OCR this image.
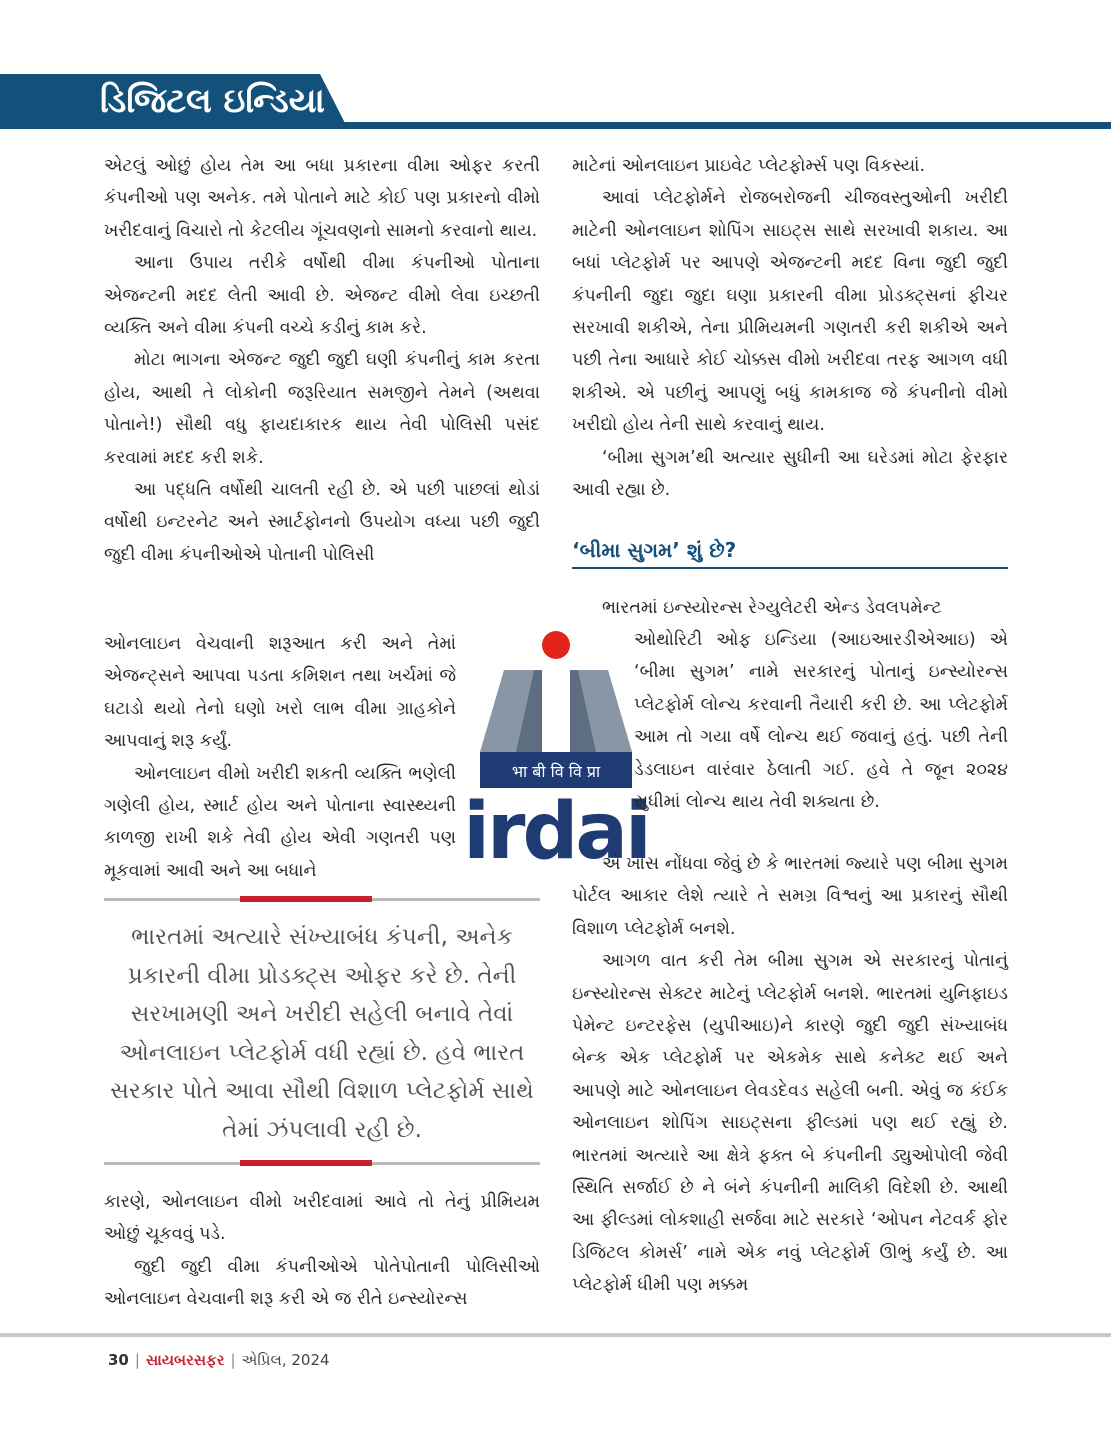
ડિજિટલ ઇન્ડિયા

એટલું ઓછું હોય તેમ આ બધા પ્રકારના વીમા ઓફર કરતી કંપનીઓ પણ અનેક. તમે પોતાને માટે કોઈ પણ પ્રકારનો વીમો ખરીદવાનું વિચારો તો કેટલીય ગૂંચવણનો સામનો કરવાનો થાય.

આના ઉપાય તરીકે વર્ષોથી વીમા કંપનીઓ પોતાના એજન્ટની મદદ લેતી આવી છે. એજન્ટ વીમો લેવા ઇચ્છતી વ્યક્તિ અને વીમા કંપની વચ્ચે કડીનું કામ કરે.

મોટા ભાગના એજન્ટ જુદી જુદી ઘણી કંપનીનું કામ કરતા હોય, આથી તે લોકોની જરૂરિયાત સમજીને તેમને (અથવા પોતાને!) સૌથી વધુ ફાયદાકારક થાય તેવી પોલિસી પસંદ કરવામાં મદદ કરી શકે.

આ પદ્ધતિ વર્ષોથી ચાલતી રહી છે. એ પછી પાછલાં થોડાં વર્ષોથી ઇન્ટરનેટ અને સ્માર્ટફોનનો ઉપયોગ વધ્યા પછી જુદી જુદી વીમા કંપનીઓએ પોતાની પોલિસી

ઓનલાઇન વેચવાની શરૂઆત કરી અને તેમાં એજન્ટ્સને આપવા પડતા કમિશન તથા ખર્ચમાં જે ઘટાડો થયો તેનો ઘણો ખરો લાભ વીમા ગ્રાહકોને આપવાનું શરૂ કર્યું.

ઓનલાઇન વીમો ખરીદી શકતી વ્યક્તિ ભણેલી ગણેલી હોય, સ્માર્ટ હોય અને પોતાના સ્વાસ્થ્યની કાળજી રાખી શકે તેવી હોય એવી ગણતરી પણ મૂકવામાં આવી અને આ બધાને

भा बी वि वि प्रा
irdai
ભારતમાં અત્યારે સંખ્યાબંધ કંપની, અનેક પ્રકારની વીમા પ્રોડક્ટ્સ ઓફર કરે છે. તેની સરખામણી અને ખરીદી સહેલી બનાવે તેવાં ઓનલાઇન પ્લેટફોર્મ વધી રહ્યાં છે. હવે ભારત સરકાર પોતે આવા સૌથી વિશાળ પ્લેટફોર્મ સાથે તેમાં ઝંપલાવી રહી છે.

કારણે, ઓનલાઇન વીમો ખરીદવામાં આવે તો તેનું પ્રીમિયમ ઓછું ચૂકવવું પડે.

જુદી જુદી વીમા કંપનીઓએ પોતેપોતાની પોલિસીઓ ઓનલાઇન વેચવાની શરૂ કરી એ જ રીતે ઇન્સ્યોરન્સ

માટેનાં ઓનલાઇન પ્રાઇવેટ પ્લેટફોર્મ્સ પણ વિકસ્યાં.

આવાં પ્લેટફોર્મને રોજબરોજની ચીજવસ્તુઓની ખરીદી માટેની ઓનલાઇન શોપિંગ સાઇટ્સ સાથે સરખાવી શકાય. આ બધાં પ્લેટફોર્મ પર આપણે એજન્ટની મદદ વિના જુદી જુદી કંપનીની જુદા જુદા ઘણા પ્રકારની વીમા પ્રોડક્ટ્સનાં ફીચર સરખાવી શકીએ, તેના પ્રીમિયમની ગણતરી કરી શકીએ અને પછી તેના આધારે કોઈ ચોક્કસ વીમો ખરીદવા તરફ આગળ વધી શકીએ. એ પછીનું આપણું બધું કામકાજ જે કંપનીનો વીમો ખરીદ્યો હોય તેની સાથે કરવાનું થાય.

‘બીમા સુગમ’થી અત્યાર સુધીની આ ઘરેડમાં મોટા ફેરફાર આવી રહ્યા છે.

‘બીમા સુગમ’ શું છે?

ભારતમાં ઇન્સ્યોરન્સ રેગ્યુલેટરી એન્ડ ડેવલપમેન્ટ

ઓથોરિટી ઓફ ઇન્ડિયા (આઇઆરડીએઆઇ) એ ‘બીમા સુગમ’ નામે સરકારનું પોતાનું ઇન્સ્યોરન્સ પ્લેટફોર્મ લોન્ચ કરવાની તૈયારી કરી છે. આ પ્લેટફોર્મ આમ તો ગયા વર્ષે લોન્ચ થઈ જવાનું હતું. પછી તેની ડેડલાઇન વારંવાર ઠેલાતી ગઈ. હવે તે જૂન ૨૦૨૪ સુધીમાં લોન્ચ થાય તેવી શક્યતા છે.

એ ખાસ નોંધવા જેવું છે કે ભારતમાં જ્યારે પણ બીમા સુગમ પોર્ટલ આકાર લેશે ત્યારે તે સમગ્ર વિશ્વનું આ પ્રકારનું સૌથી વિશાળ પ્લેટફોર્મ બનશે.

આગળ વાત કરી તેમ બીમા સુગમ એ સરકારનું પોતાનું ઇન્સ્યોરન્સ સેક્ટર માટેનું પ્લેટફોર્મ બનશે. ભારતમાં યુનિફાઇડ પેમેન્ટ ઇન્ટરફેસ (યુપીઆઇ)ને કારણે જુદી જુદી સંખ્યાબંધ બેન્ક એક પ્લેટફોર્મ પર એકમેક સાથે કનેક્ટ થઈ અને આપણે માટે ઓનલાઇન લેવડદેવડ સહેલી બની. એવું જ કંઈક ઓનલાઇન શોપિંગ સાઇટ્સના ફીલ્ડમાં પણ થઈ રહ્યું છે. ભારતમાં અત્યારે આ ક્ષેત્રે ફક્ત બે કંપનીની ડ્યુઓપોલી જેવી સ્થિતિ સર્જાઈ છે ને બંને કંપનીની માલિકી વિદેશી છે. આથી આ ફીલ્ડમાં લોકશાહી સર્જવા માટે સરકારે ‘ઓપન નેટવર્ક ફોર ડિજિટલ કોમર્સ’ નામે એક નવું પ્લેટફોર્મ ઊભું કર્યું છે. આ પ્લેટફોર્મ ધીમી પણ મક્કમ

30 | સાયબરસફર | એપ્રિલ, 2024
